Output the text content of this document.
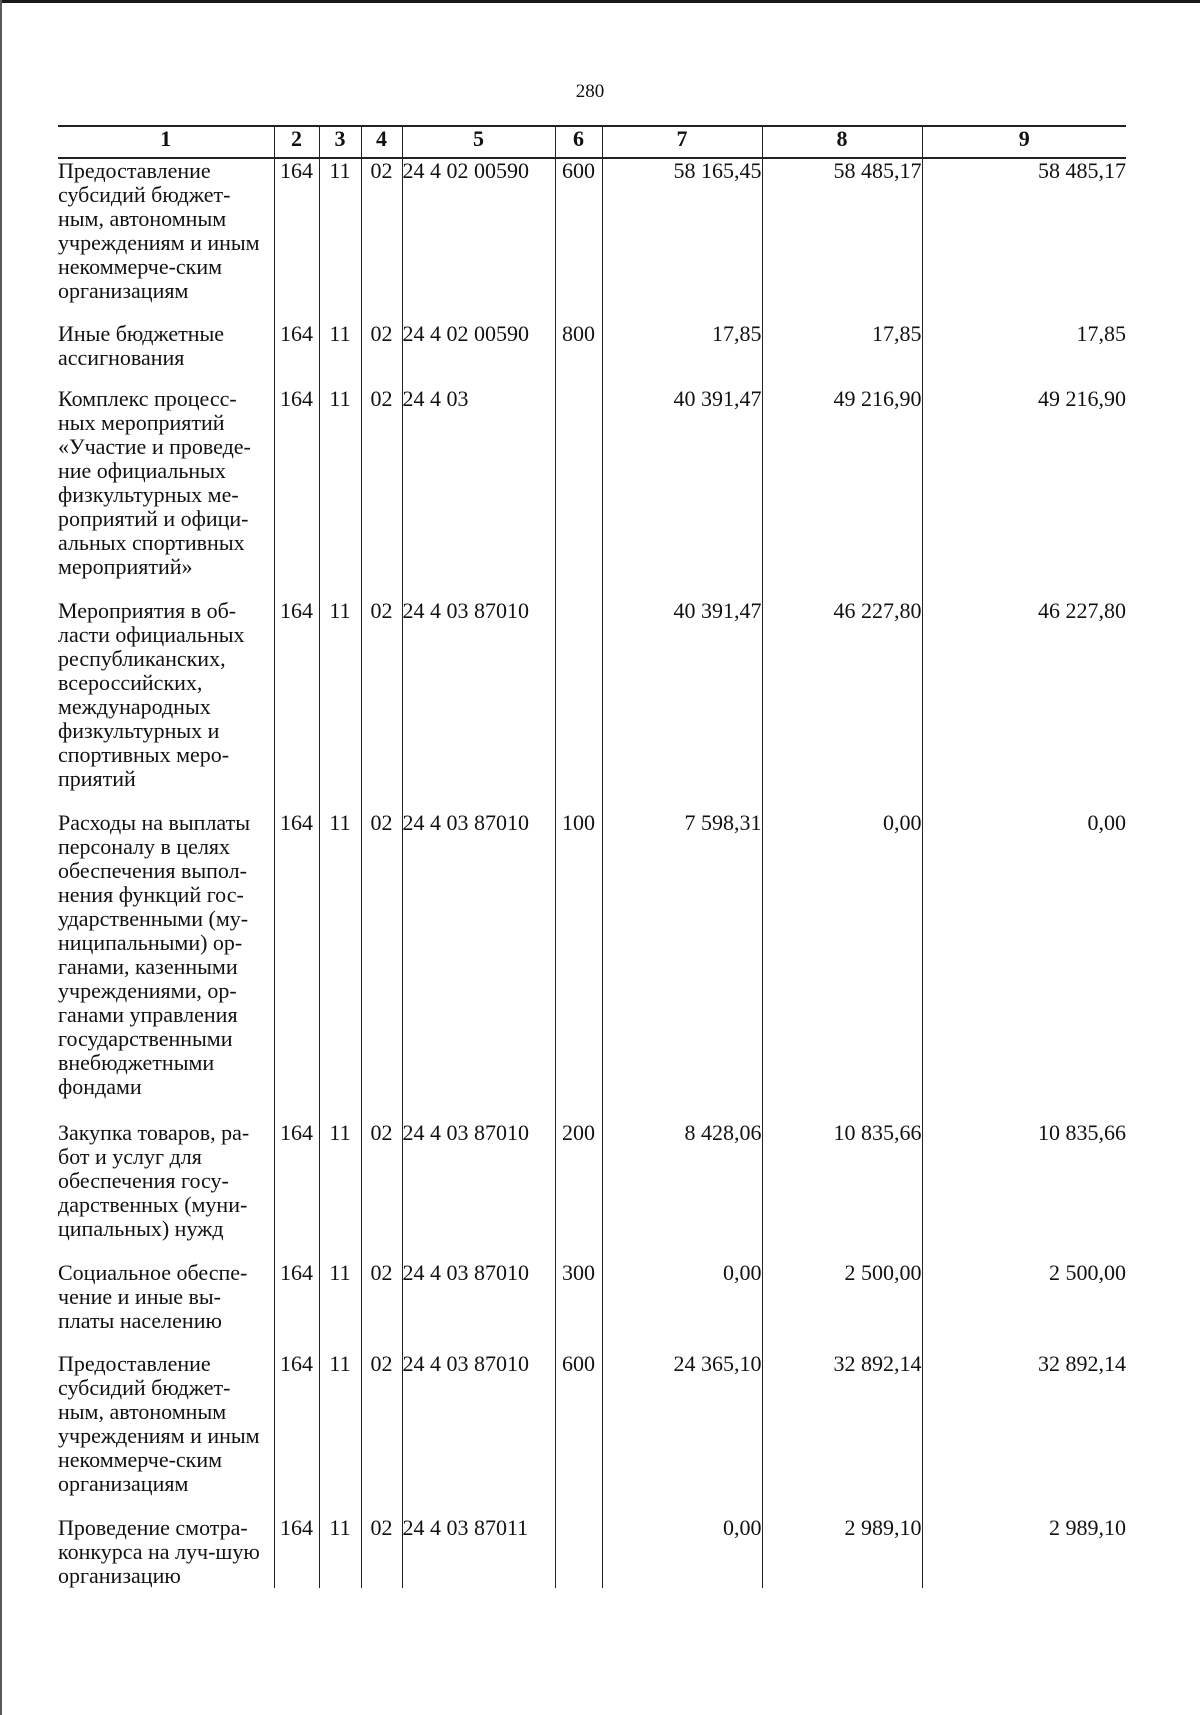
280
1	2	3	4	5	6	7	8	9
Предоставление субсидий бюджет-ным, автономным учреждениям и иным некоммерче-ским организациям	164	11	02	24 4 02 00590	600	58 165,45	58 485,17	58 485,17
Иные бюджетные ассигнования	164	11	02	24 4 02 00590	800	17,85	17,85	17,85
Комплекс процесс-ных мероприятий «Участие и проведе-ние официальных физкультурных ме-роприятий и офици-альных спортивных мероприятий»	164	11	02	24 4 03		40 391,47	49 216,90	49 216,90
Мероприятия в об-ласти официальных республиканских, всероссийских, международных физкультурных и спортивных меро-приятий	164	11	02	24 4 03 87010		40 391,47	46 227,80	46 227,80
Расходы на выплаты персоналу в целях обеспечения выпол-нения функций гос-ударственными (му-ниципальными) ор-ганами, казенными учреждениями, ор-ганами управления государственными внебюджетными фондами	164	11	02	24 4 03 87010	100	7 598,31	0,00	0,00
Закупка товаров, ра-бот и услуг для обеспечения госу-дарственных (муни-ципальных) нужд	164	11	02	24 4 03 87010	200	8 428,06	10 835,66	10 835,66
Социальное обеспе-чение и иные вы-платы населению	164	11	02	24 4 03 87010	300	0,00	2 500,00	2 500,00
Предоставление субсидий бюджет-ным, автономным учреждениям и иным некоммерче-ским организациям	164	11	02	24 4 03 87010	600	24 365,10	32 892,14	32 892,14
Проведение смотра-конкурса на луч-шую организацию	164	11	02	24 4 03 87011		0,00	2 989,10	2 989,10
